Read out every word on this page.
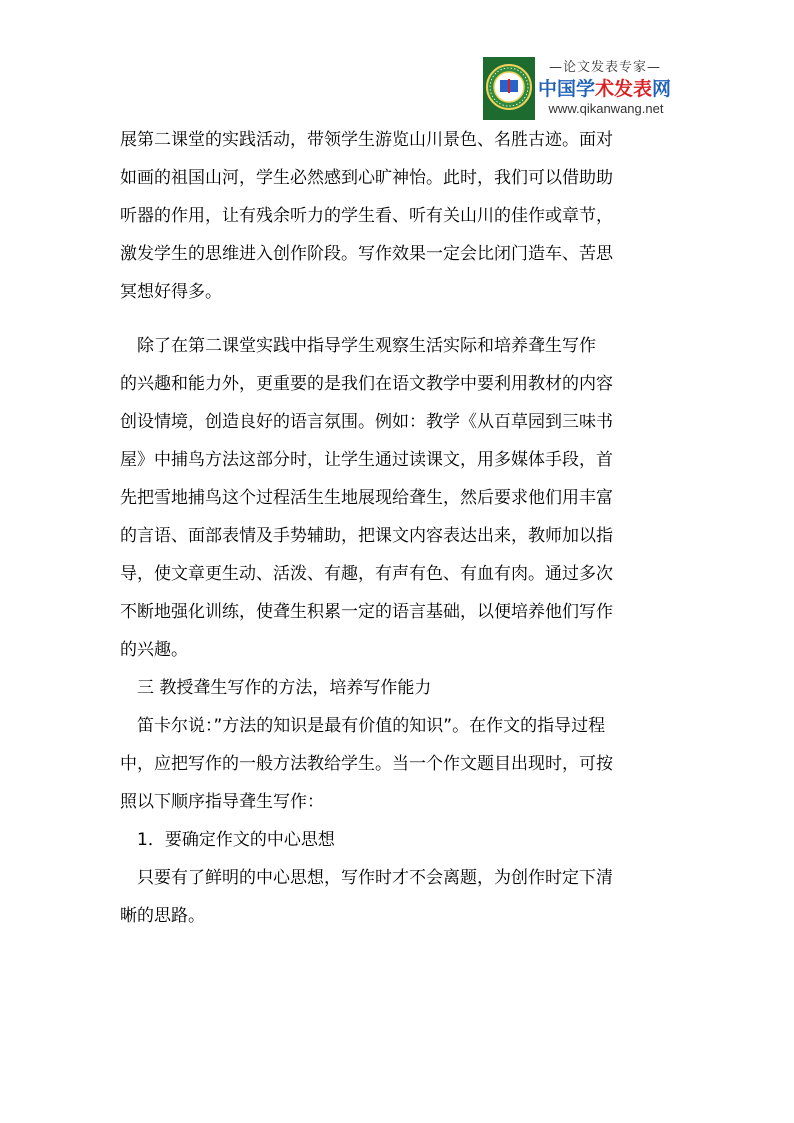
—论文发表专家—
中国学术发表网
www.qikanwang.net
展第二课堂的实践活动，带领学生游览山川景色、名胜古迹。面对
如画的祖国山河，学生必然感到心旷神怡。此时，我们可以借助助
听器的作用，让有残余听力的学生看、听有关山川的佳作或章节，
激发学生的思维进入创作阶段。写作效果一定会比闭门造车、苦思
冥想好得多。
　除了在第二课堂实践中指导学生观察生活实际和培养聋生写作
的兴趣和能力外，更重要的是我们在语文教学中要利用教材的内容
创设情境，创造良好的语言氛围。例如：教学《从百草园到三味书
屋》中捕鸟方法这部分时，让学生通过读课文，用多媒体手段，首
先把雪地捕鸟这个过程活生生地展现给聋生，然后要求他们用丰富
的言语、面部表情及手势辅助，把课文内容表达出来，教师加以指
导，使文章更生动、活泼、有趣，有声有色、有血有肉。通过多次
不断地强化训练，使聋生积累一定的语言基础，以便培养他们写作
的兴趣。
　三 教授聋生写作的方法，培养写作能力
　笛卡尔说：”方法的知识是最有价值的知识”。在作文的指导过程
中，应把写作的一般方法教给学生。当一个作文题目出现时，可按
照以下顺序指导聋生写作：
　1．要确定作文的中心思想
　只要有了鲜明的中心思想，写作时才不会离题，为创作时定下清
晰的思路。
